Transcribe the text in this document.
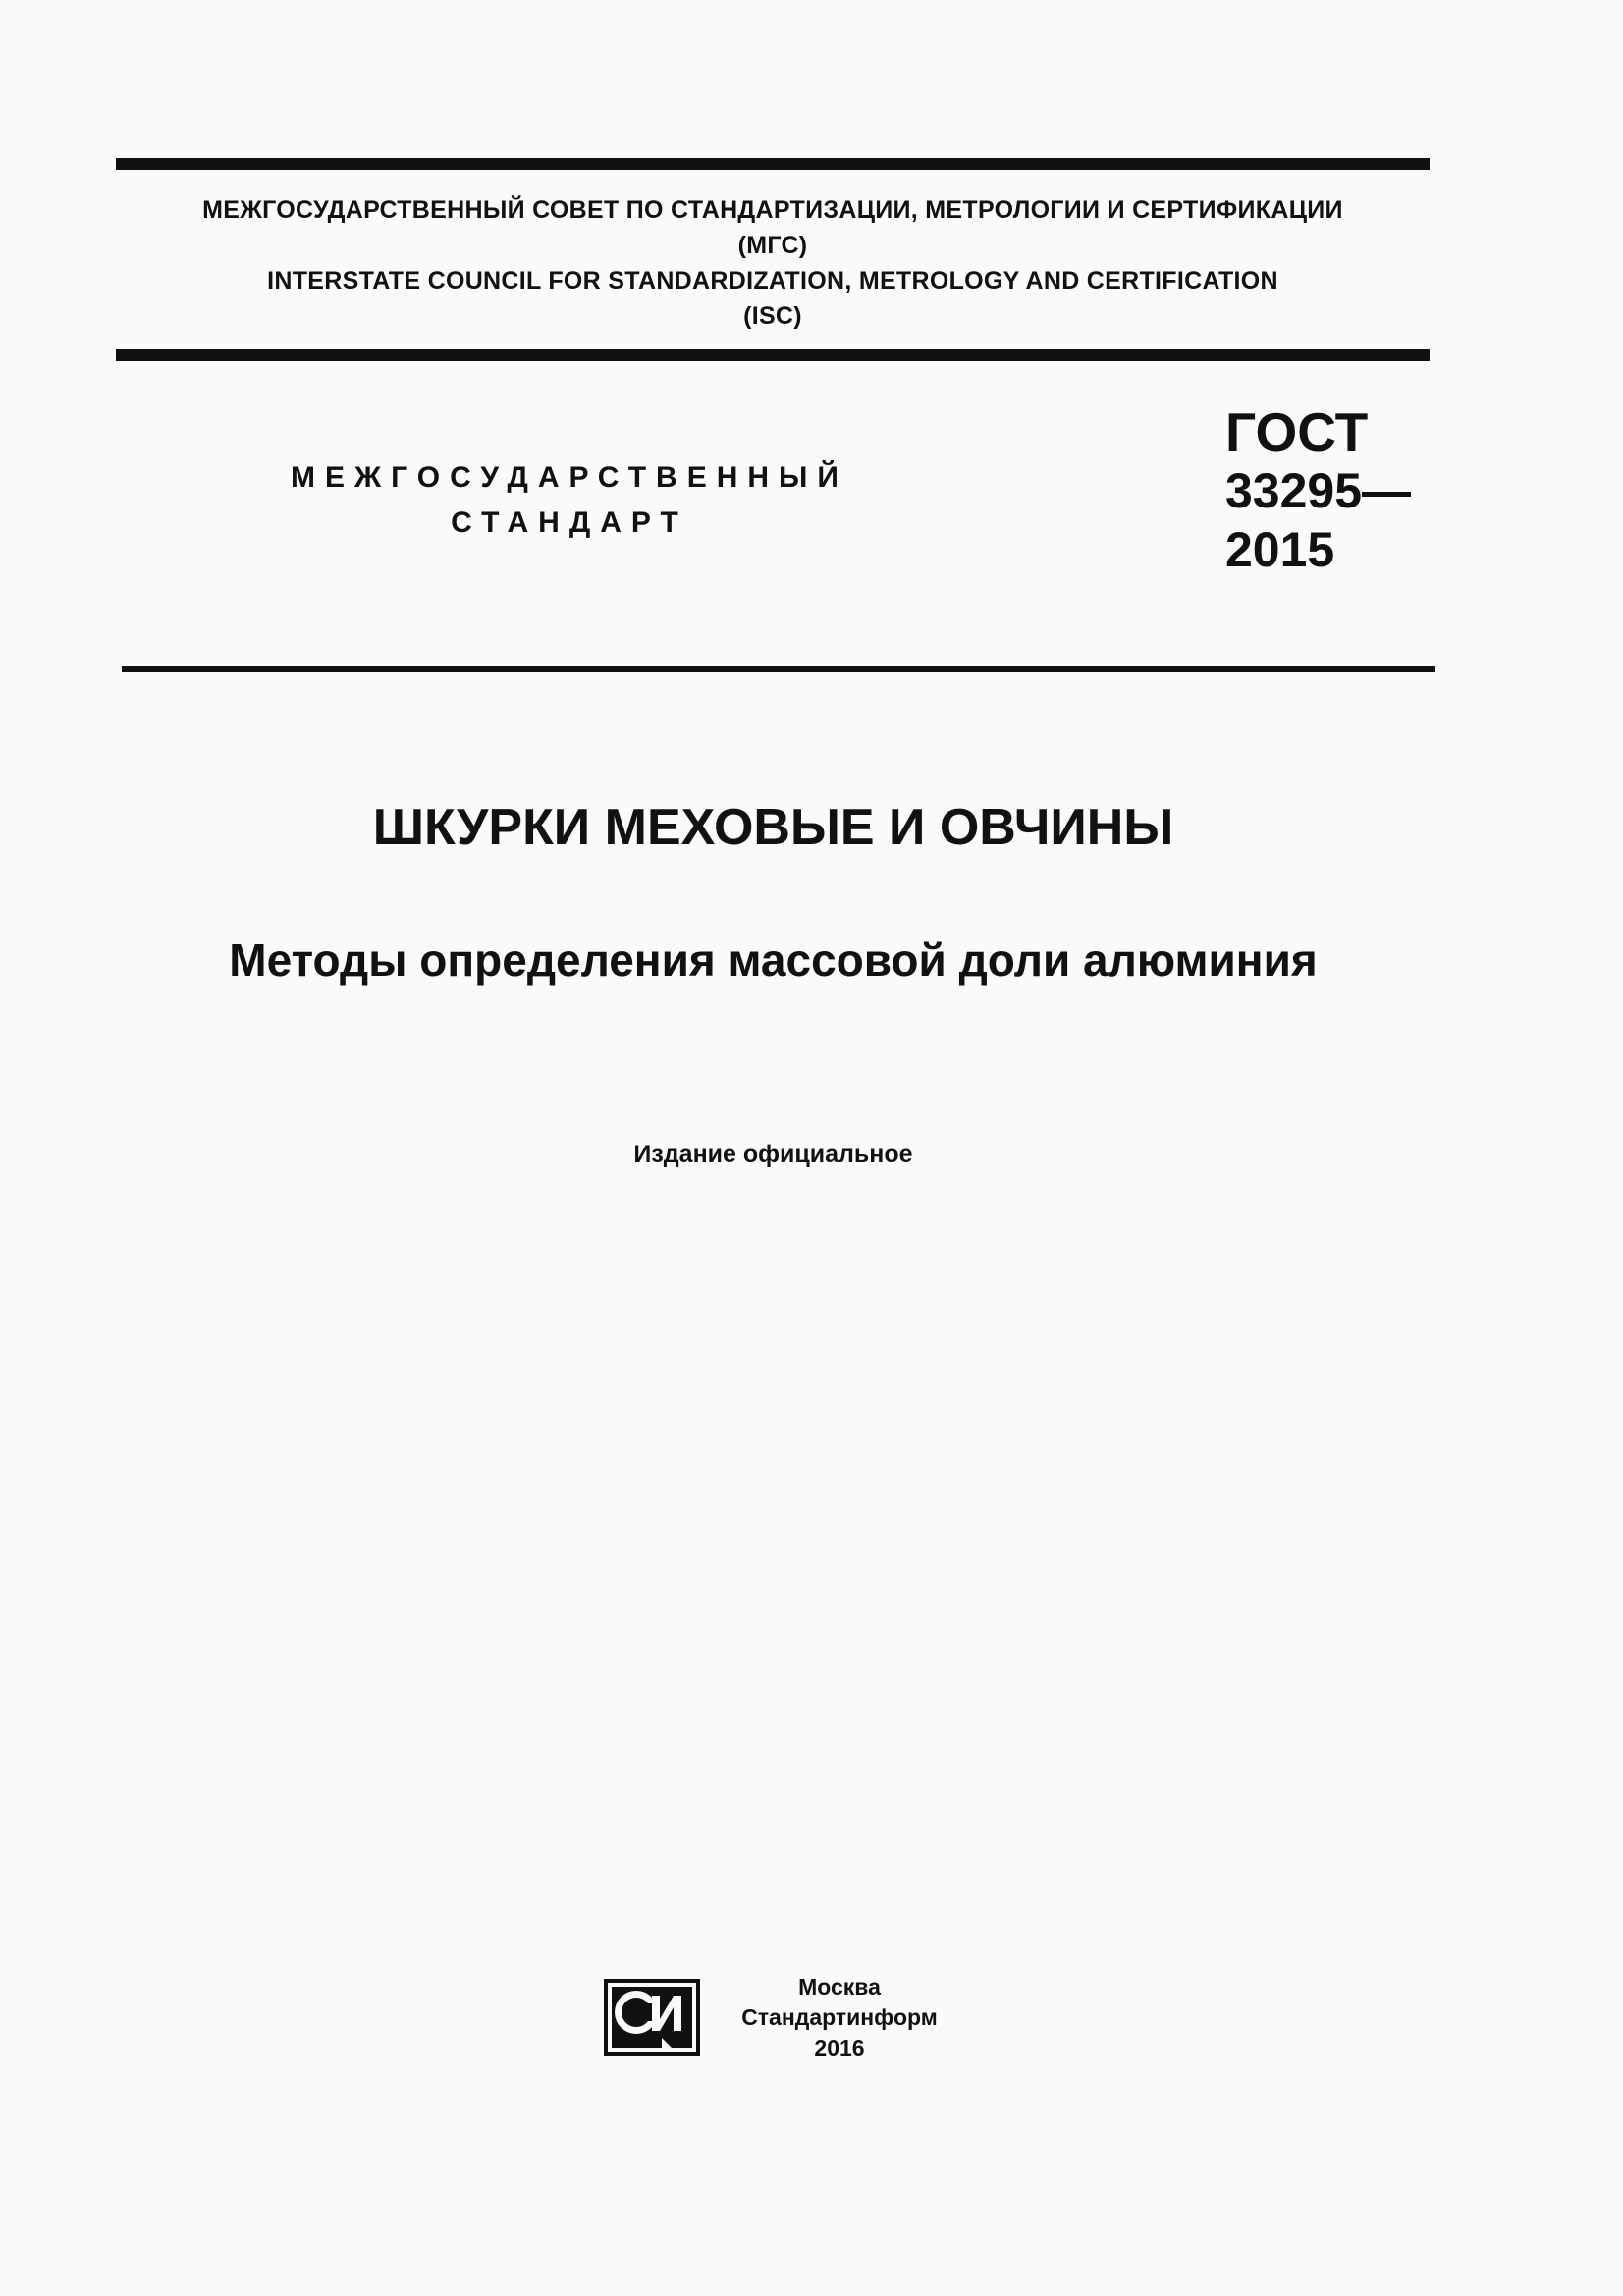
МЕЖГОСУДАРСТВЕННЫЙ СОВЕТ ПО СТАНДАРТИЗАЦИИ, МЕТРОЛОГИИ И СЕРТИФИКАЦИИ
(МГС)
INTERSTATE COUNCIL FOR STANDARDIZATION, METROLOGY AND CERTIFICATION
(ISC)
МЕЖГОСУДАРСТВЕННЫЙ
СТАНДАРТ
ГОСТ
33295—
2015
ШКУРКИ МЕХОВЫЕ И ОВЧИНЫ
Методы определения массовой доли алюминия
Издание официальное
Москва
Стандартинформ
2016
